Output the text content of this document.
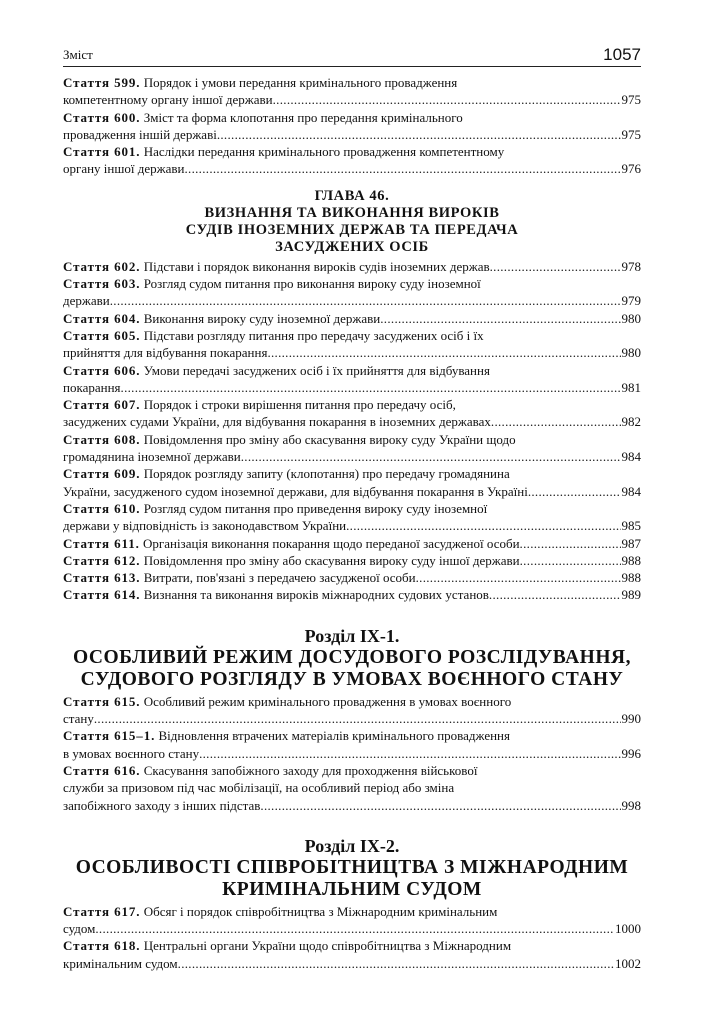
Зміст	1057
Стаття 599. Порядок і умови передання кримінального провадження
компетентному органу іншої держави .....	975
Стаття 600. Зміст та форма клопотання про передання кримінального
провадження іншій державі .....	975
Стаття 601. Наслідки передання кримінального провадження компетентному
органу іншої держави .....	976
ГЛАВА 46.
ВИЗНАННЯ ТА ВИКОНАННЯ ВИРОКІВ
СУДІВ ІНОЗЕМНИХ ДЕРЖАВ ТА ПЕРЕДАЧА
ЗАСУДЖЕНИХ ОСІБ
Стаття 602.
Підстави і порядок виконання вироків судів іноземних держав .....	978
Стаття 603. Розгляд судом питання про виконання вироку суду іноземної
держави .....	979
Стаття 604.
Виконання вироку суду іноземної держави .....	980
Стаття 605. Підстави розгляду питання про передачу засуджених осіб і їх
прийняття для відбування покарання .....	980
Стаття 606. Умови передачі засуджених осіб і їх прийняття для відбування
покарання .....	981
Стаття 607. Порядок і строки вирішення питання про передачу осіб,
засуджених судами України, для відбування покарання в іноземних державах .....	982
Стаття 608. Повідомлення про зміну або скасування вироку суду України щодо
громадянина іноземної держави .....	984
Стаття 609. Порядок розгляду запиту (клопотання) про передачу громадянина
України, засудженого судом іноземної держави, для відбування покарання в Україні .....	984
Стаття 610. Розгляд судом питання про приведення вироку суду іноземної
держави у відповідність із законодавством України .....	985
Стаття 611.
Організація виконання покарання щодо переданої засудженої особи .....	987
Стаття 612.
Повідомлення про зміну або скасування вироку суду іншої держави .....	988
Стаття 613.
Витрати, пов'язані з передачею засудженої особи .....	988
Стаття 614.
Визнання та виконання вироків міжнародних судових установ .....	989
Розділ IX-1.
ОСОБЛИВИЙ РЕЖИМ ДОСУДОВОГО РОЗСЛІДУВАННЯ,
СУДОВОГО РОЗГЛЯДУ В УМОВАХ ВОЄННОГО СТАНУ
Стаття 615. Особливий режим кримінального провадження в умовах воєнного
стану .....	990
Стаття 615–1. Відновлення втрачених матеріалів кримінального провадження
в умовах воєнного стану .....	996
Стаття 616. Скасування запобіжного заходу для проходження військової
служби за призовом під час мобілізації, на особливий період або зміна
запобіжного заходу з інших підстав .....	998
Розділ IX-2.
ОСОБЛИВОСТІ СПІВРОБІТНИЦТВА З МІЖНАРОДНИМ
КРИМІНАЛЬНИМ СУДОМ
Стаття 617. Обсяг і порядок співробітництва з Міжнародним кримінальним
судом .....	1000
Стаття 618. Центральні органи України щодо співробітництва з Міжнародним
кримінальним судом .....	1002
